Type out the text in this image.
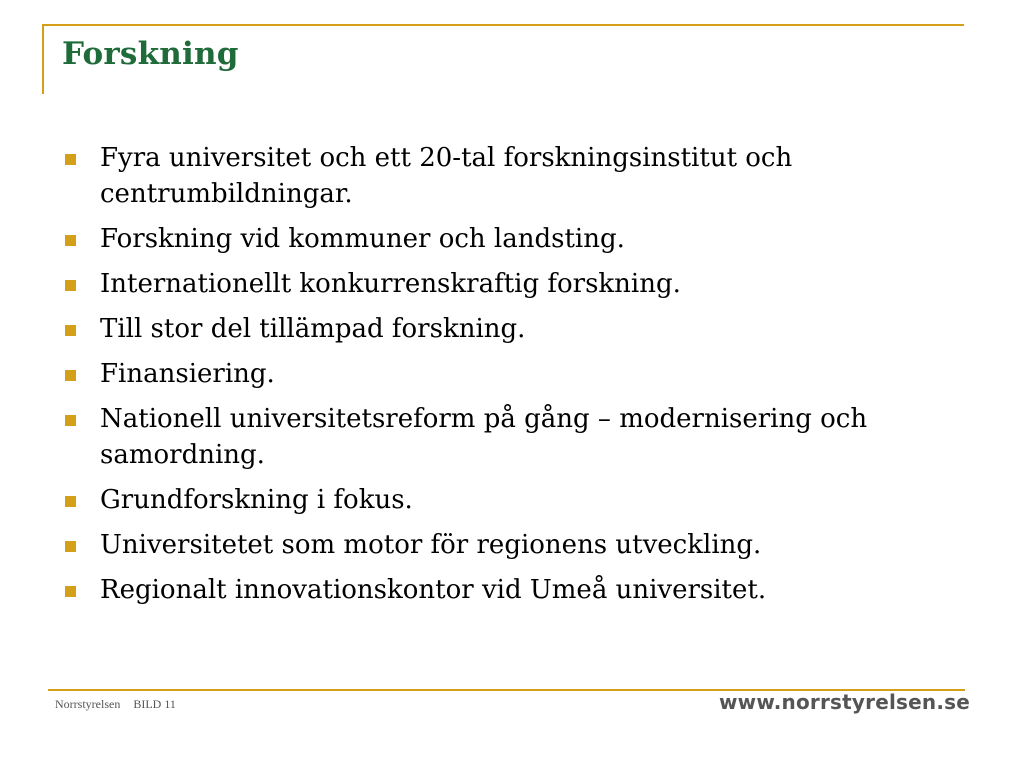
Forskning
Fyra universitet och ett 20-tal forskningsinstitut och centrumbildningar.
Forskning vid kommuner och landsting.
Internationellt konkurrenskraftig forskning.
Till stor del tillämpad forskning.
Finansiering.
Nationell universitetsreform på gång – modernisering och samordning.
Grundforskning i fokus.
Universitetet som motor för regionens utveckling.
Regionalt innovationskontor vid Umeå universitet.
Norrstyrelsen BILD 11	www.norrstyrelsen.se
